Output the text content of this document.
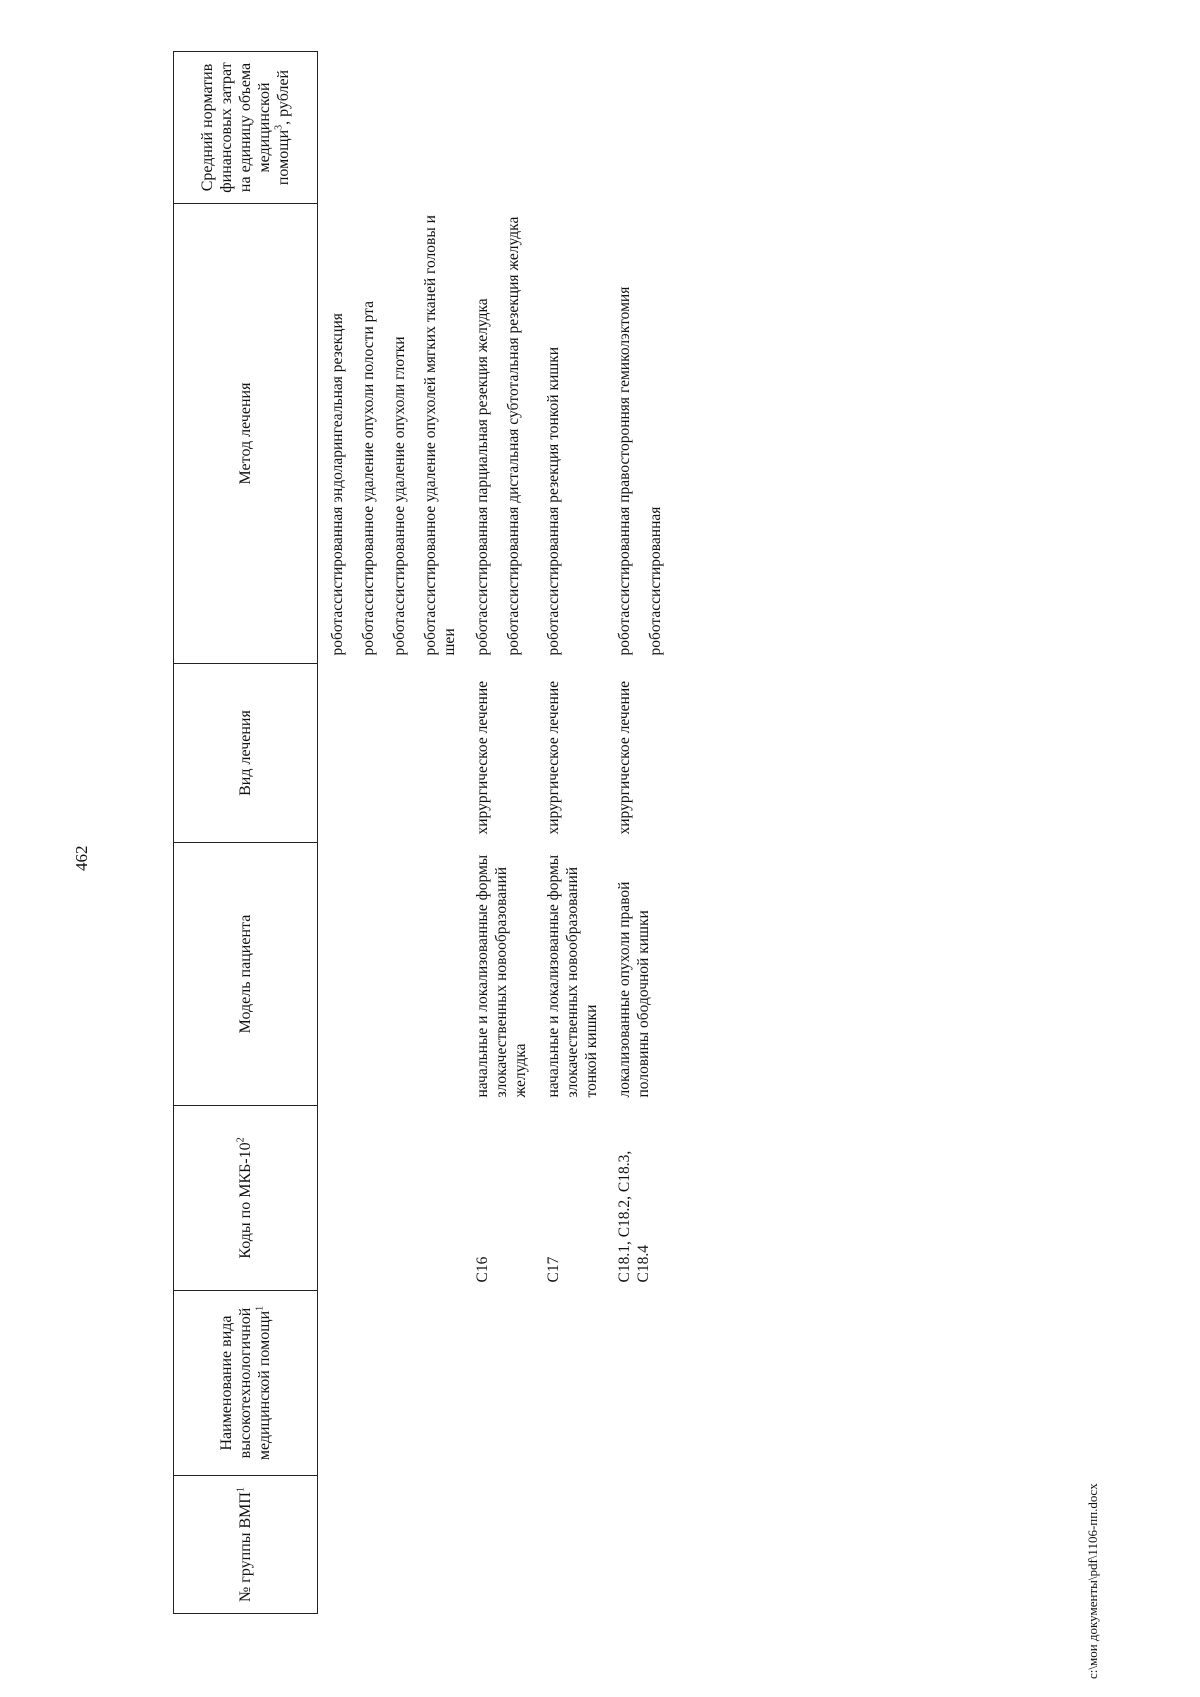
462
№ группы ВМП$^1$	Наименование вида высокотехнологичной медицинской помощи$^1$	Коды по МКБ-$10^2$	Модель пациента	Вид лечения	Метод лечения	Средний норматив финансовых затрат на единицу объема медицинской помощи$^3$, рублей

					роботассистированная эндоларингеальная резекция роботассистированное удаление опухоли полости рта роботассистированное удаление опухоли глотки роботассистированное удаление опухолей мягких тканей головы и шеи	

		C16	начальные и локализованные формы злокачественных новообразований желудка	хирургическое лечение	роботассистированная парциальная резекция желудка роботассистированная дистальная субтотальная резекция желудка	

		C17	начальные и локализованные формы злокачественных новообразований тонкой кишки	хирургическое лечение	роботассистированная резекция тонкой кишки	

		C18.1, C18.2, C18.3, C18.4	локализованные опухоли правой половины ободочной кишки	хирургическое лечение	роботассистированная правосторонняя гемиколэктомия роботассистированная	

c:\мои документы\pdf\1106-пп.docx
